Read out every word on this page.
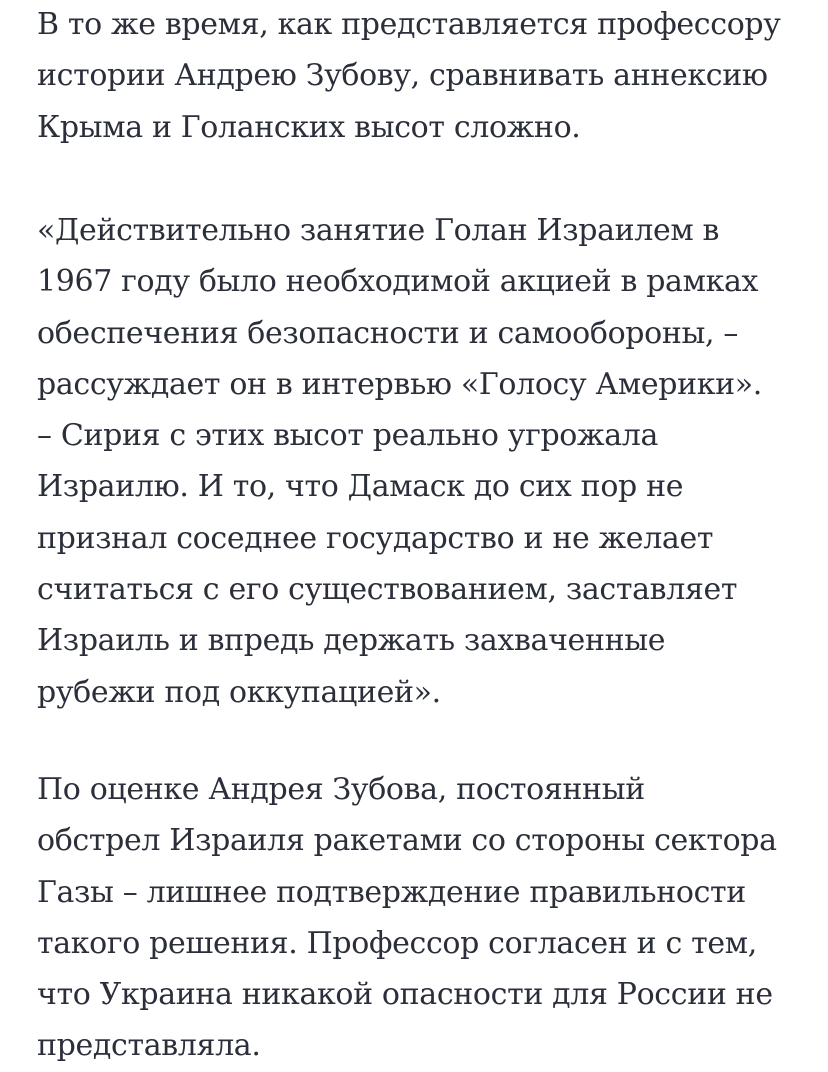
В то же время, как представляется профессору
истории Андрею Зубову, сравнивать аннексию
Крыма и Голанских высот сложно.

«Действительно занятие Голан Израилем в
1967 году было необходимой акцией в рамках
обеспечения безопасности и самообороны, –
рассуждает он в интервью «Голосу Америки».
– Сирия с этих высот реально угрожала
Израилю. И то, что Дамаск до сих пор не
признал соседнее государство и не желает
считаться с его существованием, заставляет
Израиль и впредь держать захваченные
рубежи под оккупацией».

По оценке Андрея Зубова, постоянный
обстрел Израиля ракетами со стороны сектора
Газы – лишнее подтверждение правильности
такого решения. Профессор согласен и с тем,
что Украина никакой опасности для России не
представляла.
